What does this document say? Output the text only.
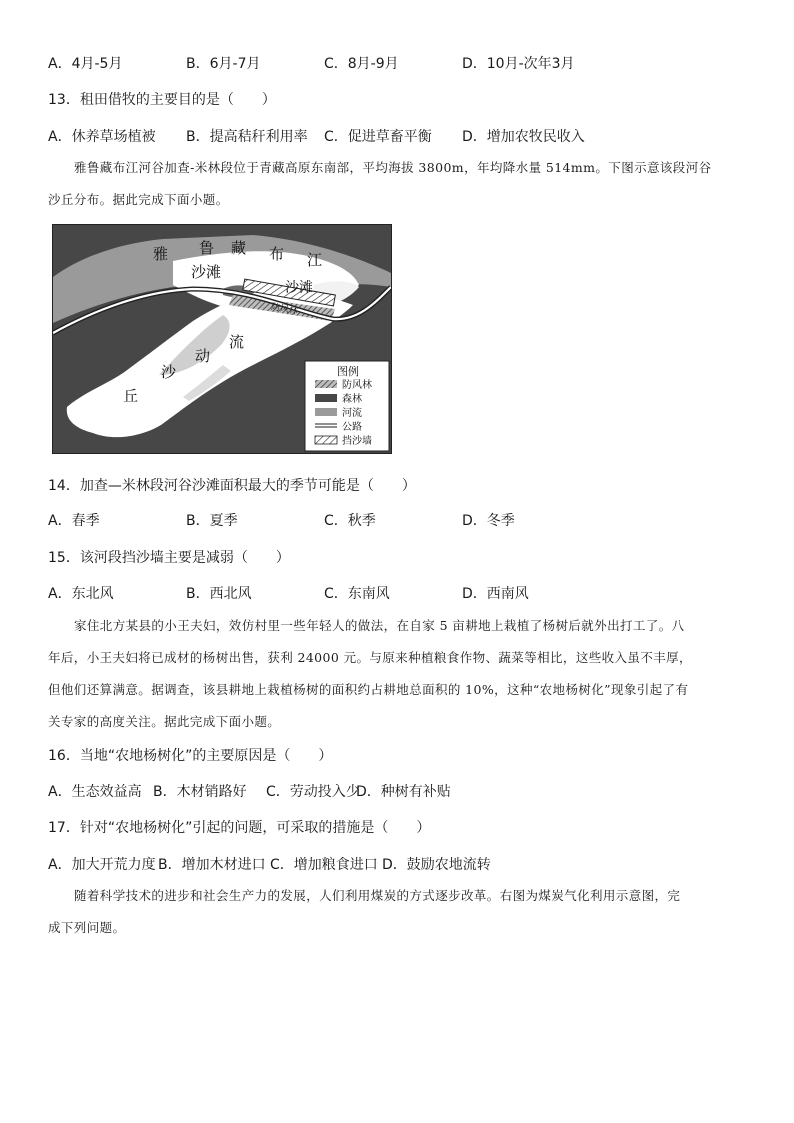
A．4月-5月	B．6月-7月	C．8月-9月	D．10月-次年3月
13．租田借牧的主要目的是（　　）
A．休养草场植被 B．提高秸秆利用率 C．促进草畜平衡 D．增加农牧民收入

雅鲁藏布江河谷加查-米林段位于青藏高原东南部，平均海拔 3800m，年均降水量 514mm。下图示意该段河谷

沙丘分布。据此完成下面小题。

雅 鲁 藏 布 江
沙滩
沙滩
防风林
流
动
沙
丘
图例
防风林
森林
河流
公路
挡沙墙
14．加查—米林段河谷沙滩面积最大的季节可能是（　　）
A．春季	B．夏季	C．秋季	D．冬季
15．该河段挡沙墙主要是减弱（　　）
A．东北风	B．西北风	C．东南风	D．西南风

家住北方某县的小王夫妇，效仿村里一些年轻人的做法，在自家 5 亩耕地上栽植了杨树后就外出打工了。八

年后，小王夫妇将已成材的杨树出售，获利 24000 元。与原来种植粮食作物、蔬菜等相比，这些收入虽不丰厚，

但他们还算满意。据调查，该县耕地上栽植杨树的面积约占耕地总面积的 10%，这种“农地杨树化”现象引起了有

关专家的高度关注。据此完成下面小题。

16．当地“农地杨树化”的主要原因是（　　）
A．生态效益高 B．木材销路好 C．劳动投入少
D．种树有补贴
17．针对“农地杨树化”引起的问题，可采取的措施是（　　）
A．加大开荒力度 B．增加木材进口 C．增加粮食进口 D．鼓励农地流转

随着科学技术的进步和社会生产力的发展，人们利用煤炭的方式逐步改革。右图为煤炭气化利用示意图，完

成下列问题。
